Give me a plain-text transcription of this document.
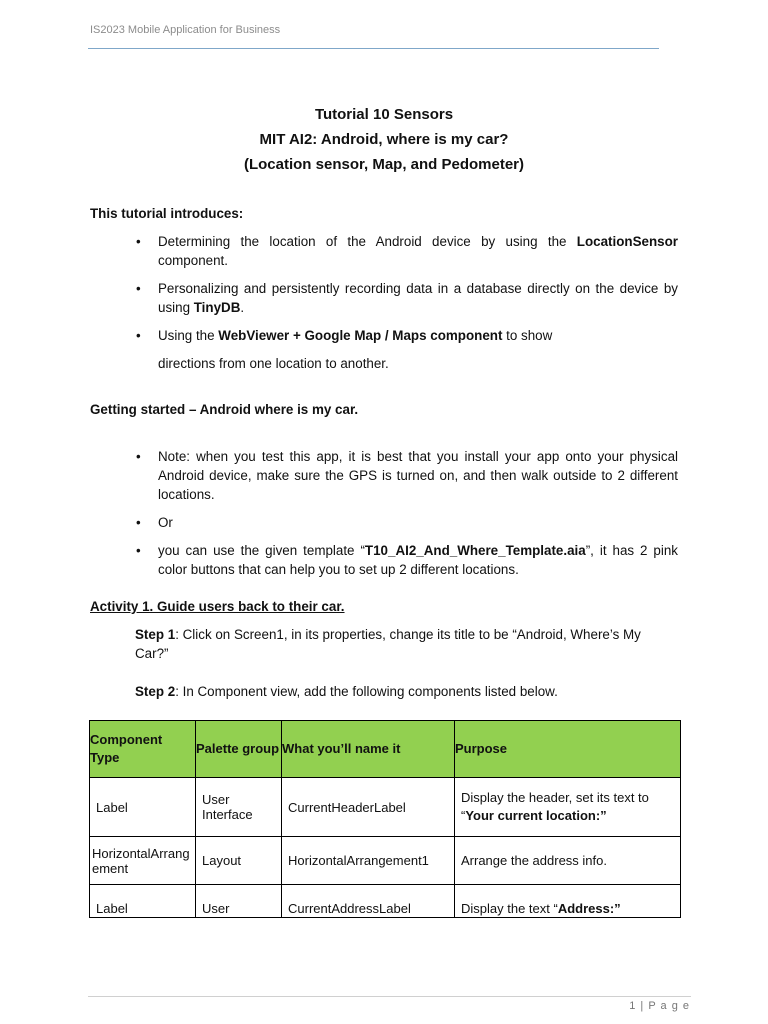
IS2023 Mobile Application for Business
Tutorial 10 Sensors
MIT AI2: Android, where is my car?
(Location sensor, Map, and Pedometer)
This tutorial introduces:
• Determining the location of the Android device by using the LocationSensor component.
• Personalizing and persistently recording data in a database directly on the device by using TinyDB.
• Using the WebViewer + Google Map / Maps component to show
directions from one location to another.
Getting started – Android where is my car.
• Note: when you test this app, it is best that you install your app onto your physical Android device, make sure the GPS is turned on, and then walk outside to 2 different locations.
• Or
• you can use the given template “T10_AI2_And_Where_Template.aia”, it has 2 pink color buttons that can help you to set up 2 different locations.
Activity 1. Guide users back to their car.
Step 1: Click on Screen1, in its properties, change its title to be “Android, Where’s My Car?”
Step 2: In Component view, add the following components listed below.
Component Type	Palette group	What you’ll name it	Purpose
Label	User Interface	CurrentHeaderLabel	Display the header, set its text to “Your current location:”
HorizontalArrangement	Layout	HorizontalArrangement1	Arrange the address info.
Label	User	CurrentAddressLabel	Display the text “Address:”
1 | P a g e
